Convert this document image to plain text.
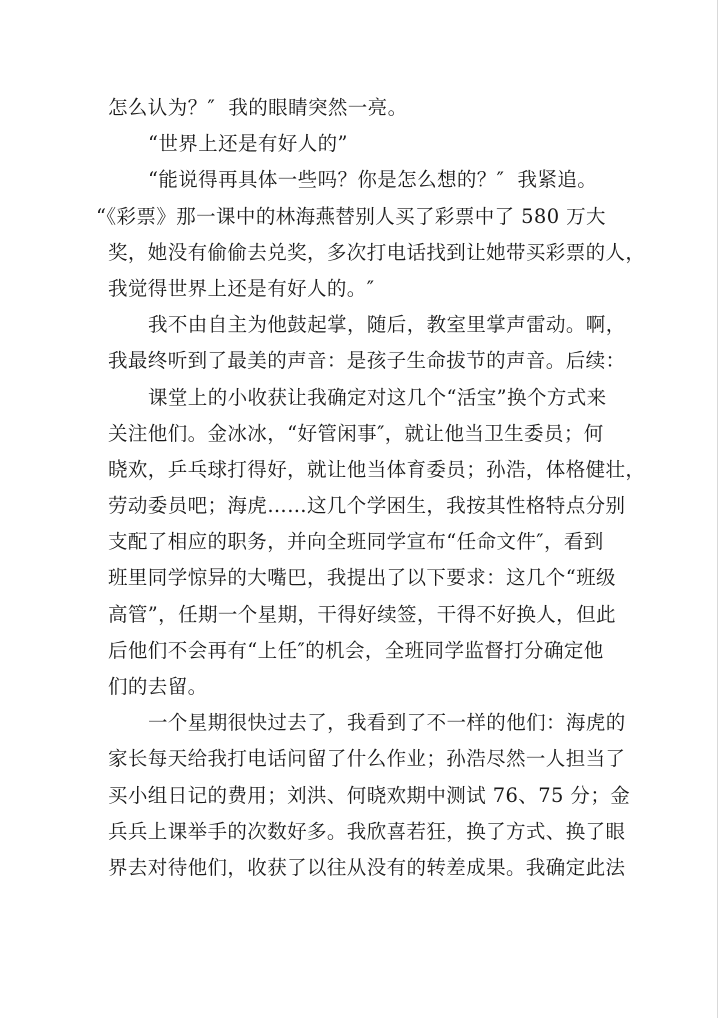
怎么认为？″  我的眼睛突然一亮。
“世界上还是有好人的”
“能说得再具体一些吗？你是怎么想的？″  我紧追。
“《彩票》那一课中的林海燕替别人买了彩票中了 580 万大
奖，她没有偷偷去兑奖，多次打电话找到让她带买彩票的人，
我觉得世界上还是有好人的。″
我不由自主为他鼓起掌，随后，教室里掌声雷动。啊，
我最终听到了最美的声音：是孩子生命拔节的声音。后续：
课堂上的小收获让我确定对这几个“活宝”换个方式来
关注他们。金冰冰，“好管闲事″，就让他当卫生委员；何
晓欢，乒乓球打得好，就让他当体育委员；孙浩，体格健壮，
劳动委员吧；海虎……这几个学困生，我按其性格特点分别
支配了相应的职务，并向全班同学宣布“任命文件″，看到
班里同学惊异的大嘴巴，我提出了以下要求：这几个“班级
高管”，任期一个星期，干得好续签，干得不好换人，但此
后他们不会再有“上任″的机会，全班同学监督打分确定他
们的去留。
一个星期很快过去了，我看到了不一样的他们：海虎的
家长每天给我打电话问留了什么作业；孙浩尽然一人担当了
买小组日记的费用；刘洪、何晓欢期中测试 76、75 分；金
兵兵上课举手的次数好多。我欣喜若狂，换了方式、换了眼
界去对待他们，收获了以往从没有的转差成果。我确定此法
